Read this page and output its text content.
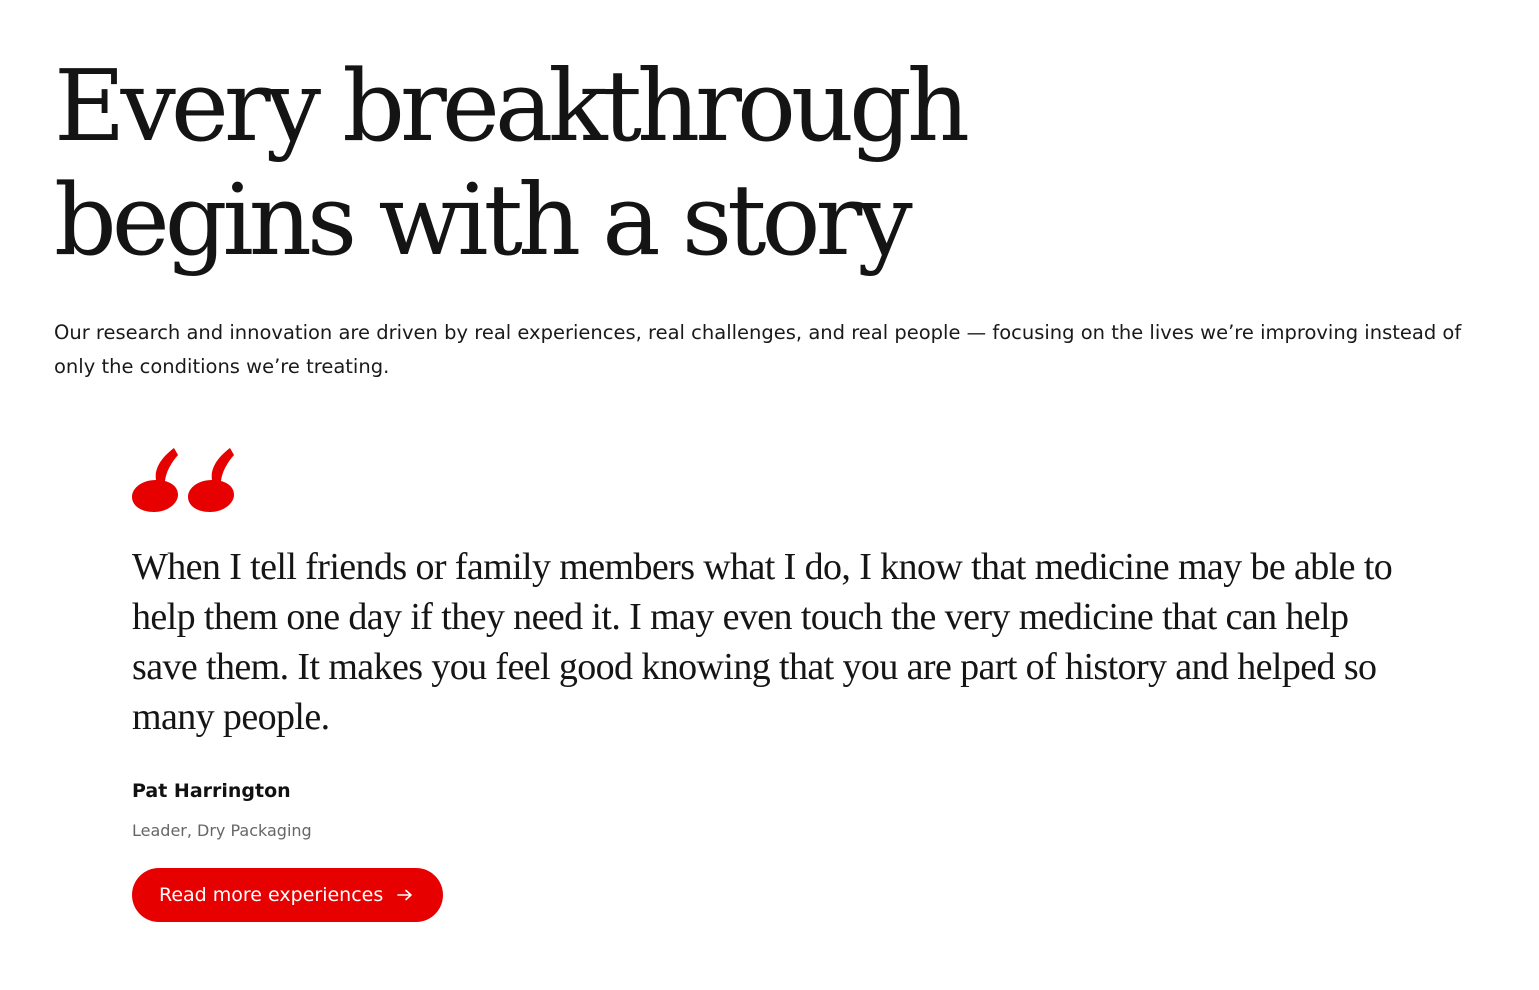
Every breakthrough
begins with a story

Our research and innovation are driven by real experiences, real challenges, and real people — focusing on the lives we’re improving instead of only the conditions we’re treating.

When I tell friends or family members what I do, I know that medicine may be able to help them one day if they need it. I may even touch the very medicine that can help save them. It makes you feel good knowing that you are part of history and helped so many people.

Pat Harrington

Leader, Dry Packaging

Read more experiences
